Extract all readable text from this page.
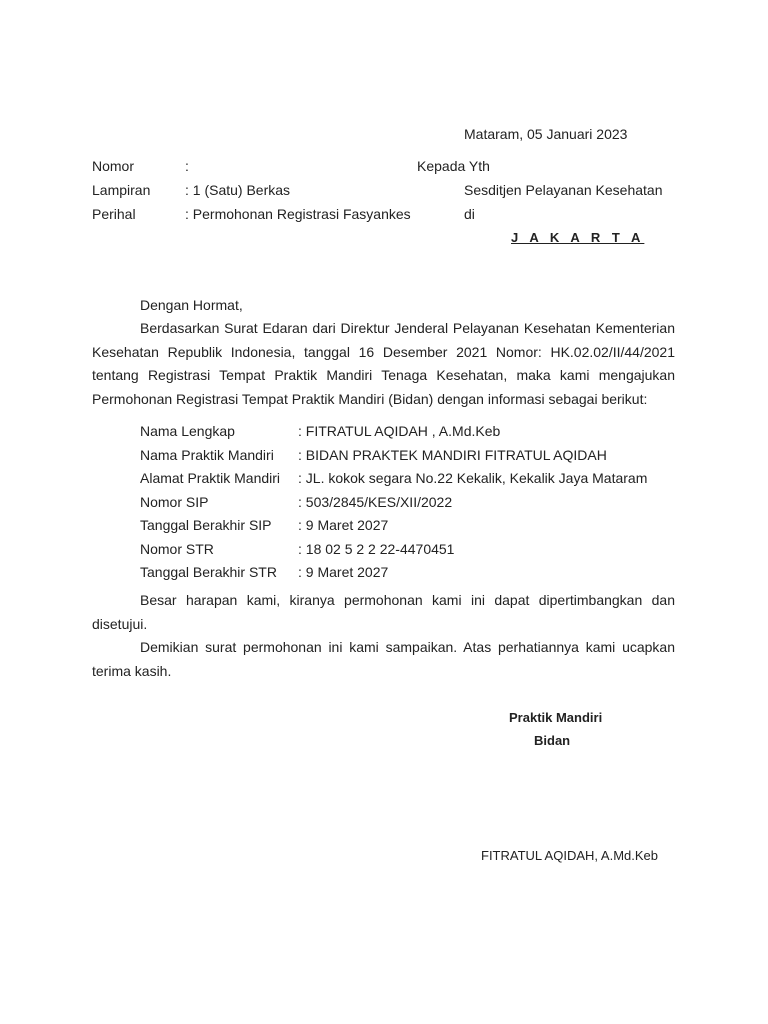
Mataram, 05 Januari 2023
Nomor	:
Lampiran : 1 (Satu) Berkas
Perihal	: Permohonan Registrasi Fasyankes
Kepada Yth
Sesditjen Pelayanan Kesehatan
di
J A K A R T A
Dengan Hormat,

Berdasarkan Surat Edaran dari Direktur Jenderal Pelayanan Kesehatan Kementerian Kesehatan Republik Indonesia, tanggal 16 Desember 2021 Nomor: HK.02.02/II/44/2021 tentang Registrasi Tempat Praktik Mandiri Tenaga Kesehatan, maka kami mengajukan Permohonan Registrasi Tempat Praktik Mandiri (Bidan) dengan informasi sebagai berikut:

Nama Lengkap	: FITRATUL AQIDAH , A.Md.Keb
Nama Praktik Mandiri : BIDAN PRAKTEK MANDIRI FITRATUL AQIDAH
Alamat Praktik Mandiri : JL. kokok segara No.22 Kekalik, Kekalik Jaya Mataram
Nomor SIP	: 503/2845/KES/XII/2022
Tanggal Berakhir SIP : 9 Maret 2027
Nomor STR	: 18 02 5 2 2 22-4470451
Tanggal Berakhir STR : 9 Maret 2027

Besar harapan kami, kiranya permohonan kami ini dapat dipertimbangkan dan disetujui.

Demikian surat permohonan ini kami sampaikan. Atas perhatiannya kami ucapkan terima kasih.

Praktik Mandiri
Bidan
FITRATUL AQIDAH, A.Md.Keb
